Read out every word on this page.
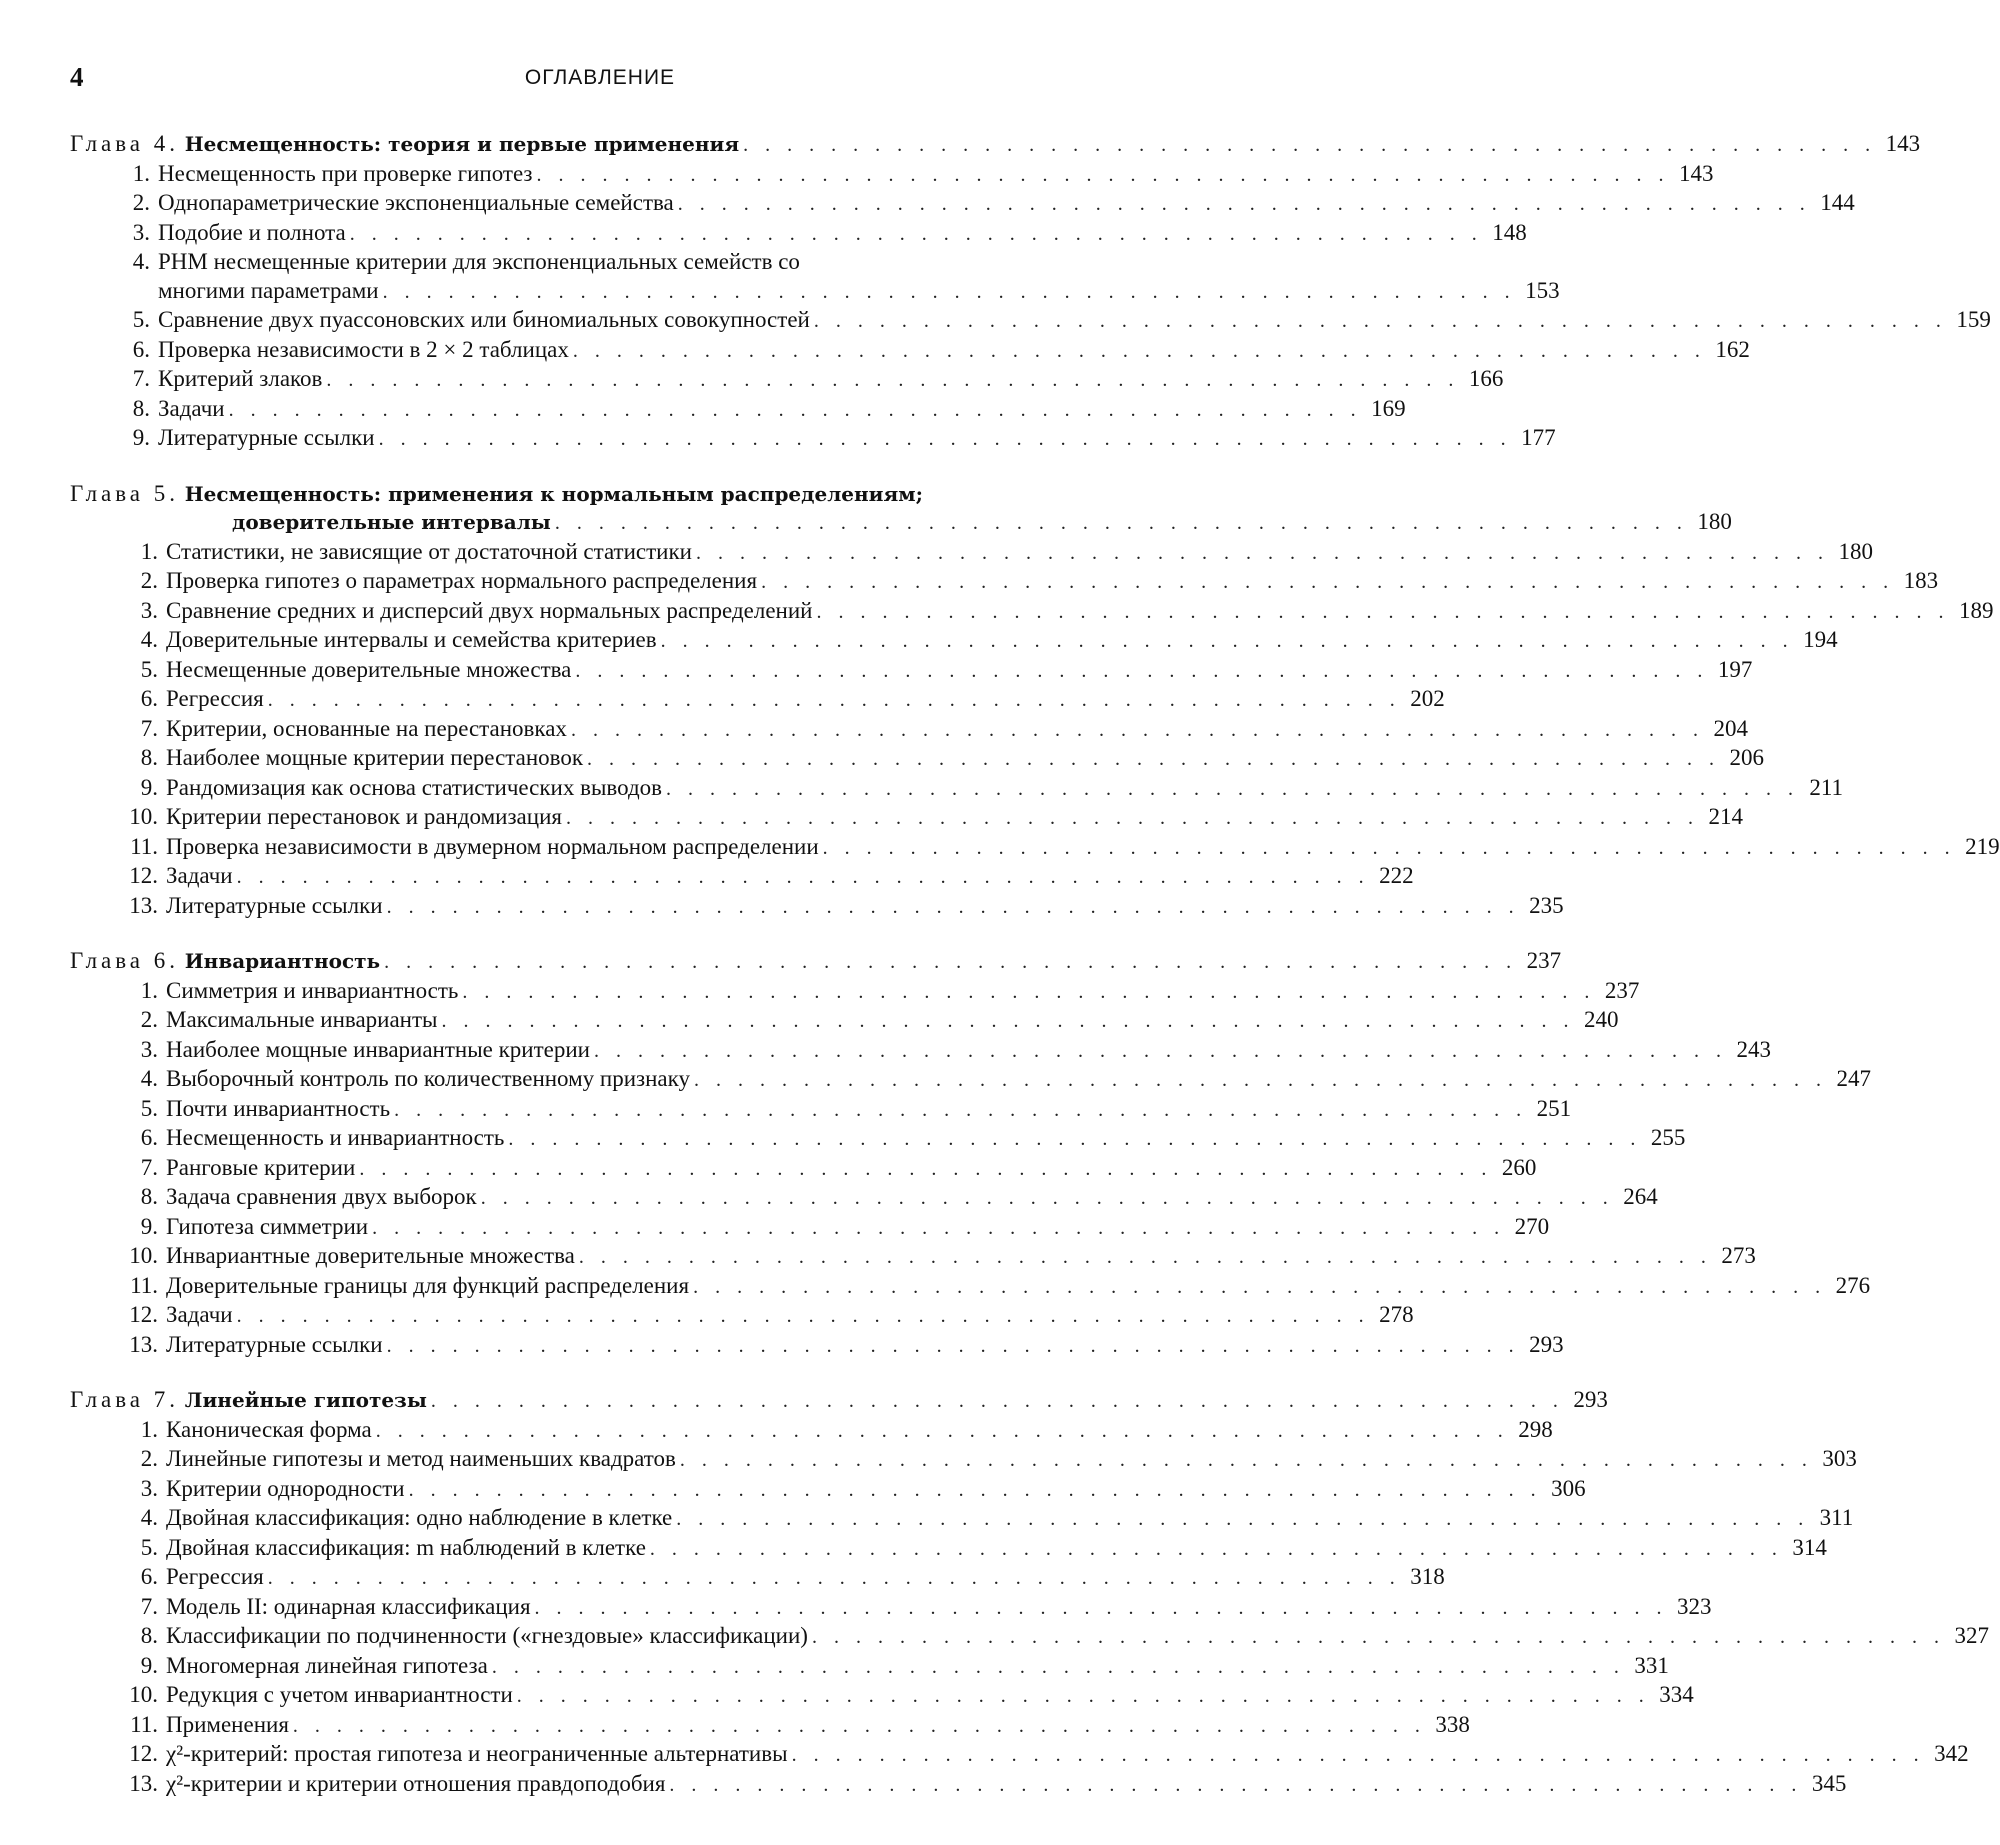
4	ОГЛАВЛЕНИЕ
Глава 4. Несмещенность: теория и первые применения . . . . . . . . . . . . . . . . . . . . . . . . . . . . . . . . . . . . . . . . . . . . . . . . . . . . 143
1. Несмещенность при проверке гипотез . . . . . . . . . . . . . . . . . . . . . . . . . . . . . . . . . . . . . . . . . . . . . . . . . . . . 143
2. Однопараметрические экспоненциальные семейства . . . . . . . . . . . . . . . . . . . . . . . . . . . . . . . . . . . . . . . . . . . . . . . . . . . . 144
3. Подобие и полнота . . . . . . . . . . . . . . . . . . . . . . . . . . . . . . . . . . . . . . . . . . . . . . . . . . . . 148
4. РНМ несмещенные критерии для экспоненциальных семейств со
многими параметрами . . . . . . . . . . . . . . . . . . . . . . . . . . . . . . . . . . . . . . . . . . . . . . . . . . . . 153
5. Сравнение двух пуассоновских или биномиальных совокупностей . . . . . . . . . . . . . . . . . . . . . . . . . . . . . . . . . . . . . . . . . . . . . . . . . . . . 159
6. Проверка независимости в 2 × 2 таблицах . . . . . . . . . . . . . . . . . . . . . . . . . . . . . . . . . . . . . . . . . . . . . . . . . . . . 162
7. Критерий злаков . . . . . . . . . . . . . . . . . . . . . . . . . . . . . . . . . . . . . . . . . . . . . . . . . . . . 166
8. Задачи . . . . . . . . . . . . . . . . . . . . . . . . . . . . . . . . . . . . . . . . . . . . . . . . . . . . 169
9. Литературные ссылки . . . . . . . . . . . . . . . . . . . . . . . . . . . . . . . . . . . . . . . . . . . . . . . . . . . . 177
Глава 5. Несмещенность: применения к нормальным распределениям;
доверительные интервалы . . . . . . . . . . . . . . . . . . . . . . . . . . . . . . . . . . . . . . . . . . . . . . . . . . . . 180
1. Статистики, не зависящие от достаточной статистики . . . . . . . . . . . . . . . . . . . . . . . . . . . . . . . . . . . . . . . . . . . . . . . . . . . . 180
2. Проверка гипотез о параметрах нормального распределения . . . . . . . . . . . . . . . . . . . . . . . . . . . . . . . . . . . . . . . . . . . . . . . . . . . . 183
3. Сравнение средних и дисперсий двух нормальных распределений . . . . . . . . . . . . . . . . . . . . . . . . . . . . . . . . . . . . . . . . . . . . . . . . . . . . 189
4. Доверительные интервалы и семейства критериев . . . . . . . . . . . . . . . . . . . . . . . . . . . . . . . . . . . . . . . . . . . . . . . . . . . . 194
5. Несмещенные доверительные множества . . . . . . . . . . . . . . . . . . . . . . . . . . . . . . . . . . . . . . . . . . . . . . . . . . . . 197
6. Регрессия . . . . . . . . . . . . . . . . . . . . . . . . . . . . . . . . . . . . . . . . . . . . . . . . . . . . 202
7. Критерии, основанные на перестановках . . . . . . . . . . . . . . . . . . . . . . . . . . . . . . . . . . . . . . . . . . . . . . . . . . . . 204
8. Наиболее мощные критерии перестановок . . . . . . . . . . . . . . . . . . . . . . . . . . . . . . . . . . . . . . . . . . . . . . . . . . . . 206
9. Рандомизация как основа статистических выводов . . . . . . . . . . . . . . . . . . . . . . . . . . . . . . . . . . . . . . . . . . . . . . . . . . . . 211
10. Критерии перестановок и рандомизация . . . . . . . . . . . . . . . . . . . . . . . . . . . . . . . . . . . . . . . . . . . . . . . . . . . . 214
11. Проверка независимости в двумерном нормальном распределении . . . . . . . . . . . . . . . . . . . . . . . . . . . . . . . . . . . . . . . . . . . . . . . . . . . . 219
12. Задачи . . . . . . . . . . . . . . . . . . . . . . . . . . . . . . . . . . . . . . . . . . . . . . . . . . . . 222
13. Литературные ссылки . . . . . . . . . . . . . . . . . . . . . . . . . . . . . . . . . . . . . . . . . . . . . . . . . . . . 235
Глава 6. Инвариантность . . . . . . . . . . . . . . . . . . . . . . . . . . . . . . . . . . . . . . . . . . . . . . . . . . . . 237
1. Симметрия и инвариантность . . . . . . . . . . . . . . . . . . . . . . . . . . . . . . . . . . . . . . . . . . . . . . . . . . . . 237
2. Максимальные инварианты . . . . . . . . . . . . . . . . . . . . . . . . . . . . . . . . . . . . . . . . . . . . . . . . . . . . 240
3. Наиболее мощные инвариантные критерии . . . . . . . . . . . . . . . . . . . . . . . . . . . . . . . . . . . . . . . . . . . . . . . . . . . . 243
4. Выборочный контроль по количественному признаку . . . . . . . . . . . . . . . . . . . . . . . . . . . . . . . . . . . . . . . . . . . . . . . . . . . . 247
5. Почти инвариантность . . . . . . . . . . . . . . . . . . . . . . . . . . . . . . . . . . . . . . . . . . . . . . . . . . . . 251
6. Несмещенность и инвариантность . . . . . . . . . . . . . . . . . . . . . . . . . . . . . . . . . . . . . . . . . . . . . . . . . . . . 255
7. Ранговые критерии . . . . . . . . . . . . . . . . . . . . . . . . . . . . . . . . . . . . . . . . . . . . . . . . . . . . 260
8. Задача сравнения двух выборок . . . . . . . . . . . . . . . . . . . . . . . . . . . . . . . . . . . . . . . . . . . . . . . . . . . . 264
9. Гипотеза симметрии . . . . . . . . . . . . . . . . . . . . . . . . . . . . . . . . . . . . . . . . . . . . . . . . . . . . 270
10. Инвариантные доверительные множества . . . . . . . . . . . . . . . . . . . . . . . . . . . . . . . . . . . . . . . . . . . . . . . . . . . . 273
11. Доверительные границы для функций распределения . . . . . . . . . . . . . . . . . . . . . . . . . . . . . . . . . . . . . . . . . . . . . . . . . . . . 276
12. Задачи . . . . . . . . . . . . . . . . . . . . . . . . . . . . . . . . . . . . . . . . . . . . . . . . . . . . 278
13. Литературные ссылки . . . . . . . . . . . . . . . . . . . . . . . . . . . . . . . . . . . . . . . . . . . . . . . . . . . . 293
Глава 7. Линейные гипотезы . . . . . . . . . . . . . . . . . . . . . . . . . . . . . . . . . . . . . . . . . . . . . . . . . . . . 293
1. Каноническая форма . . . . . . . . . . . . . . . . . . . . . . . . . . . . . . . . . . . . . . . . . . . . . . . . . . . . 298
2. Линейные гипотезы и метод наименьших квадратов . . . . . . . . . . . . . . . . . . . . . . . . . . . . . . . . . . . . . . . . . . . . . . . . . . . . 303
3. Критерии однородности . . . . . . . . . . . . . . . . . . . . . . . . . . . . . . . . . . . . . . . . . . . . . . . . . . . . 306
4. Двойная классификация: одно наблюдение в клетке . . . . . . . . . . . . . . . . . . . . . . . . . . . . . . . . . . . . . . . . . . . . . . . . . . . . 311
5. Двойная классификация: m наблюдений в клетке . . . . . . . . . . . . . . . . . . . . . . . . . . . . . . . . . . . . . . . . . . . . . . . . . . . . 314
6. Регрессия . . . . . . . . . . . . . . . . . . . . . . . . . . . . . . . . . . . . . . . . . . . . . . . . . . . . 318
7. Модель II: одинарная классификация . . . . . . . . . . . . . . . . . . . . . . . . . . . . . . . . . . . . . . . . . . . . . . . . . . . . 323
8. Классификации по подчиненности («гнездовые» классификации) . . . . . . . . . . . . . . . . . . . . . . . . . . . . . . . . . . . . . . . . . . . . . . . . . . . . 327
9. Многомерная линейная гипотеза . . . . . . . . . . . . . . . . . . . . . . . . . . . . . . . . . . . . . . . . . . . . . . . . . . . . 331
10. Редукция с учетом инвариантности . . . . . . . . . . . . . . . . . . . . . . . . . . . . . . . . . . . . . . . . . . . . . . . . . . . . 334
11. Применения . . . . . . . . . . . . . . . . . . . . . . . . . . . . . . . . . . . . . . . . . . . . . . . . . . . . 338
12. χ²-критерий: простая гипотеза и неограниченные альтернативы . . . . . . . . . . . . . . . . . . . . . . . . . . . . . . . . . . . . . . . . . . . . . . . . . . . . 342
13. χ²-критерии и критерии отношения правдоподобия . . . . . . . . . . . . . . . . . . . . . . . . . . . . . . . . . . . . . . . . . . . . . . . . . . . . 345
